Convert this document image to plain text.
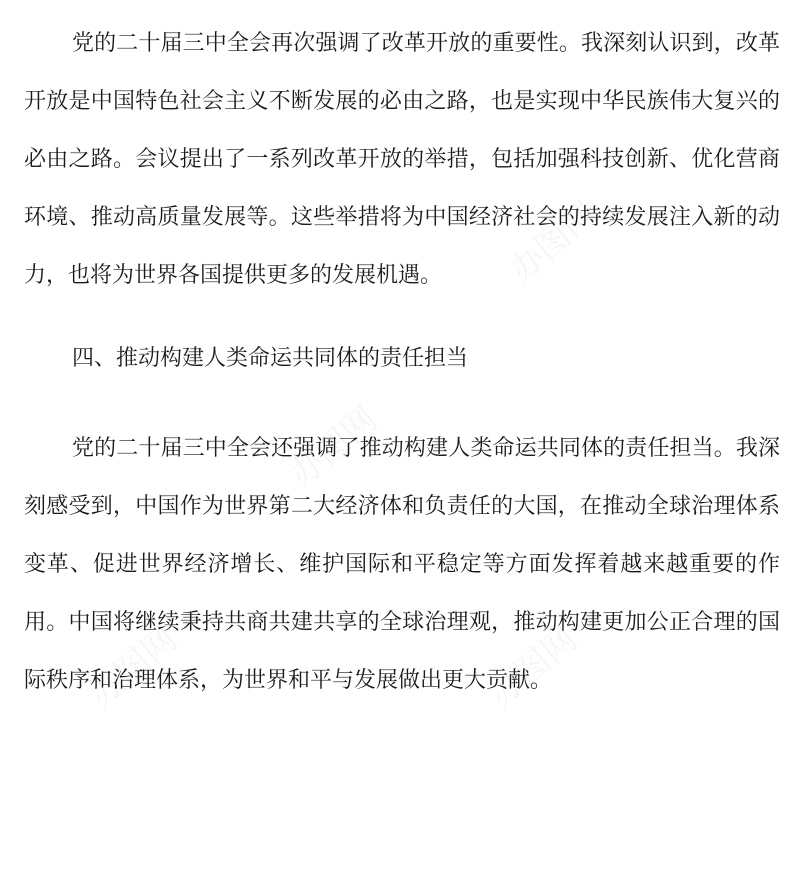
党的二十届三中全会再次强调了改革开放的重要性。我深刻认识到，改革开放是中国特色社会主义不断发展的必由之路，也是实现中华民族伟大复兴的必由之路。会议提出了一系列改革开放的举措，包括加强科技创新、优化营商环境、推动高质量发展等。这些举措将为中国经济社会的持续发展注入新的动力，也将为世界各国提供更多的发展机遇。

四、推动构建人类命运共同体的责任担当

党的二十届三中全会还强调了推动构建人类命运共同体的责任担当。我深刻感受到，中国作为世界第二大经济体和负责任的大国，在推动全球治理体系变革、促进世界经济增长、维护国际和平稳定等方面发挥着越来越重要的作用。中国将继续秉持共商共建共享的全球治理观，推动构建更加公正合理的国际秩序和治理体系，为世界和平与发展做出更大贡献。
